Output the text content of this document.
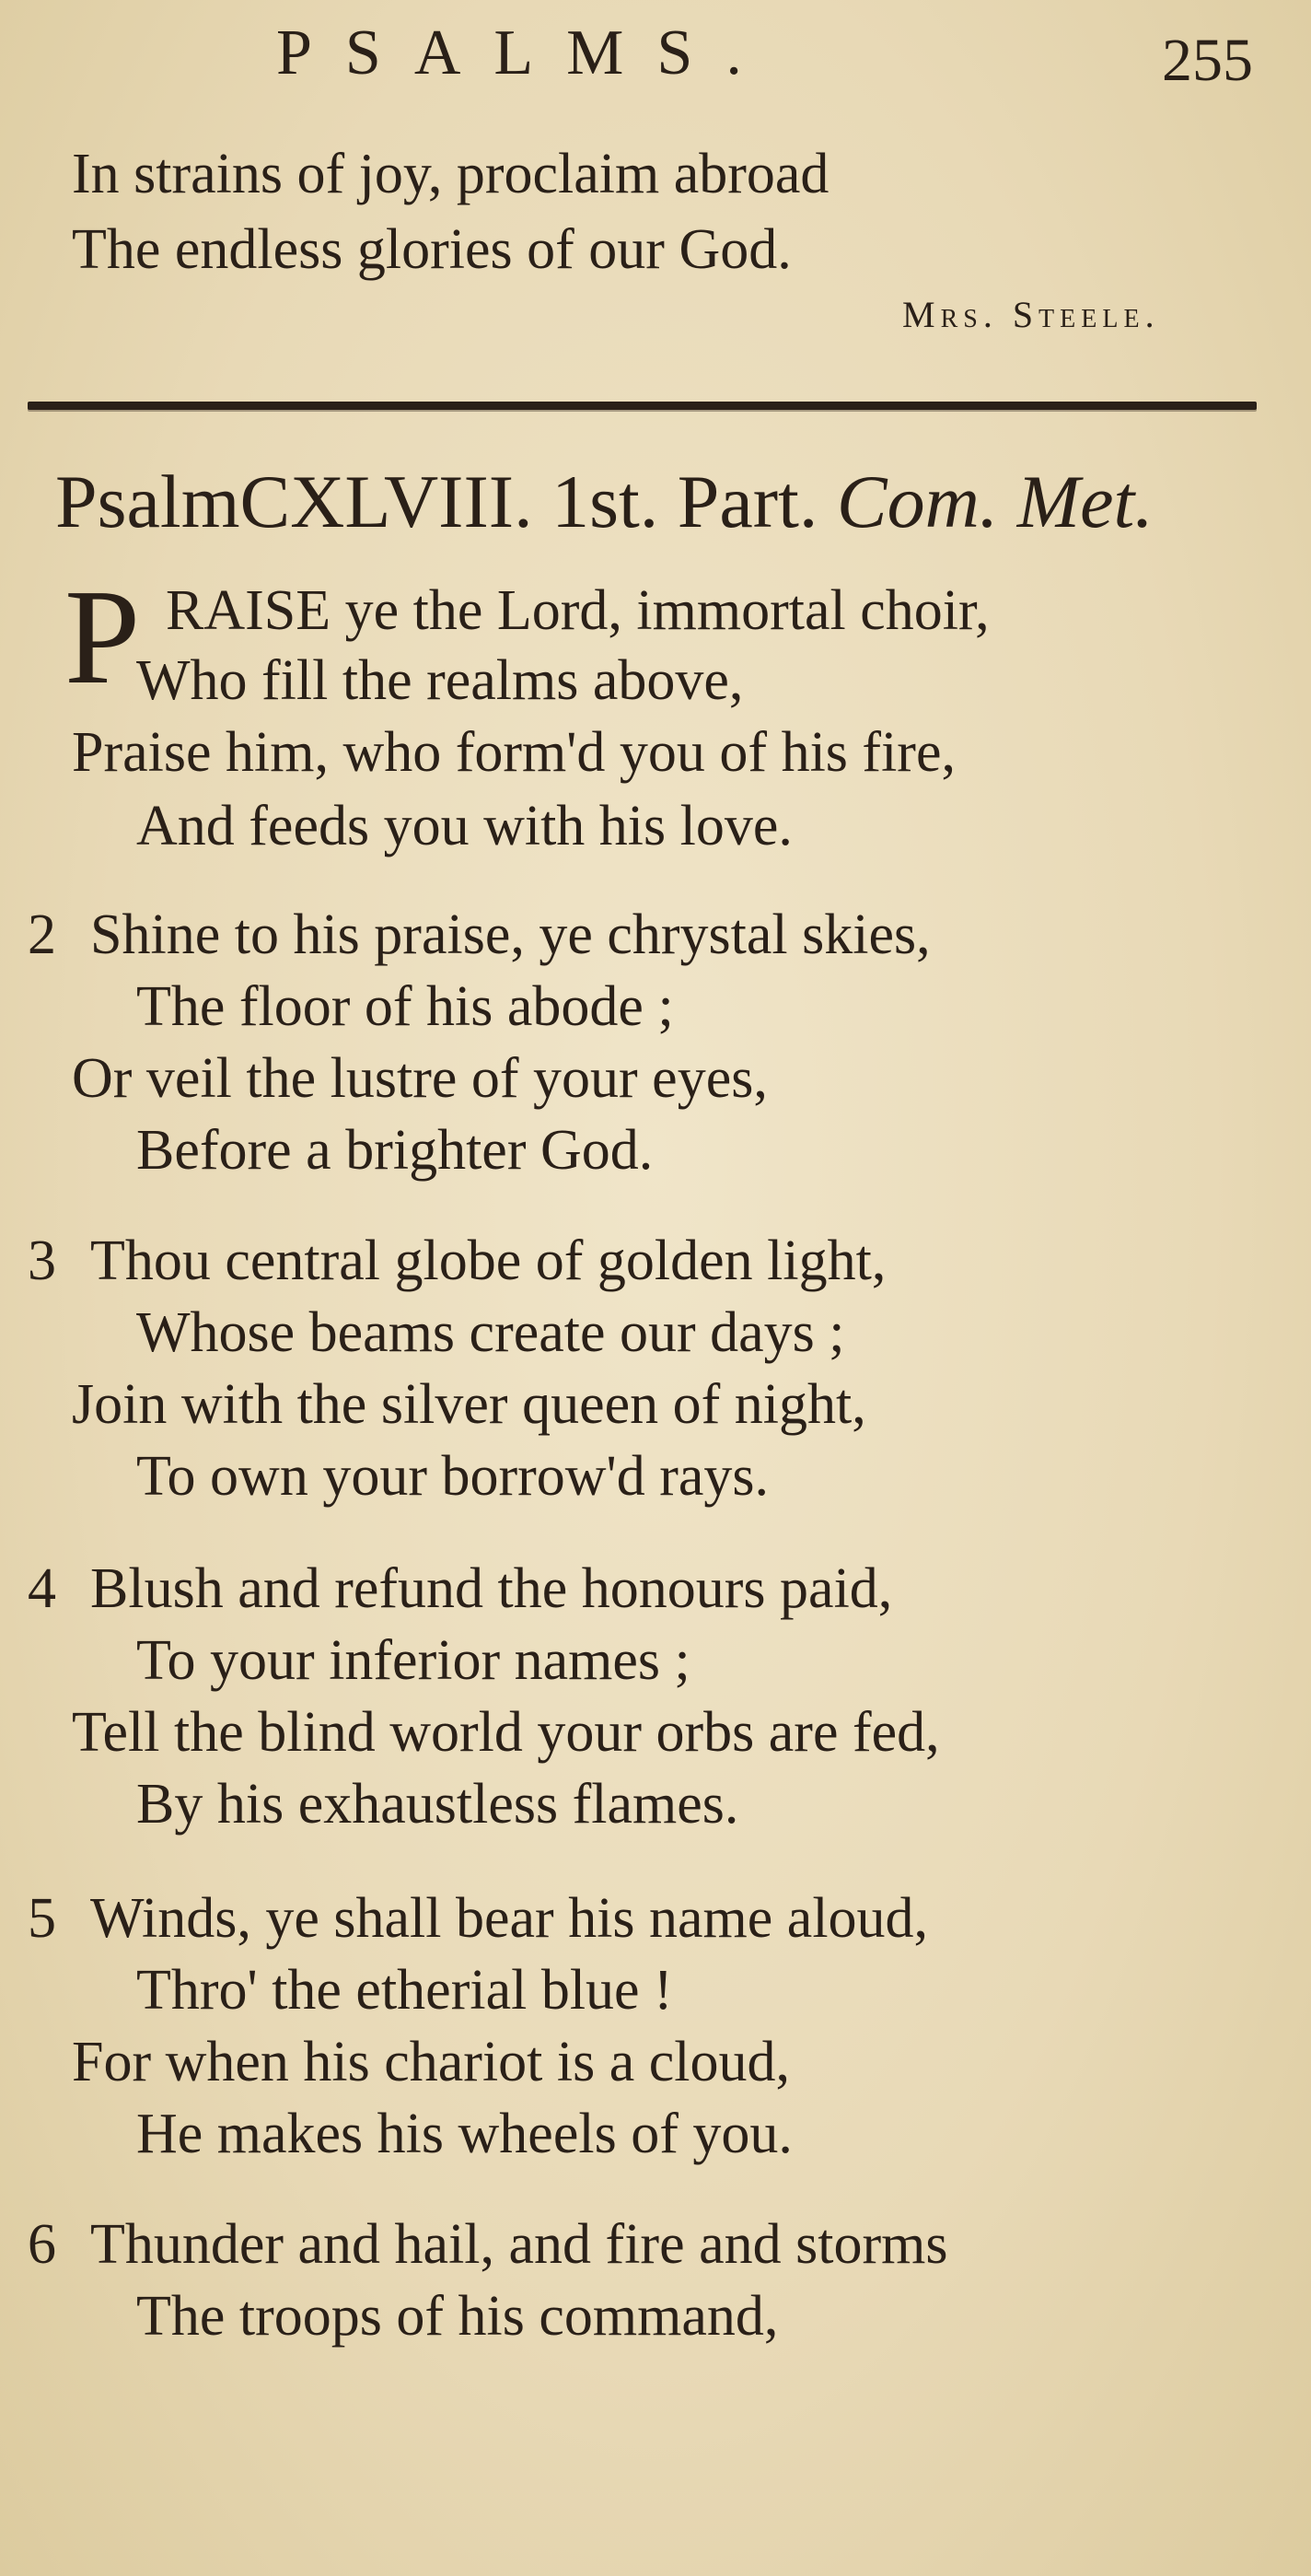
PSALMS.	255
In strains of joy, proclaim abroad
The endless glories of our God.
Mrs. Steele.
PsalmCXLVIII. 1st. Part. Com. Met.
P RAISE ye the Lord, immortal choir,
Who fill the realms above,
Praise him, who form'd you of his fire,
And feeds you with his love.
2 Shine to his praise, ye chrystal skies,
The floor of his abode ;
Or veil the lustre of your eyes,
Before a brighter God.
3 Thou central globe of golden light,
Whose beams create our days ;
Join with the silver queen of night,
To own your borrow'd rays.
4 Blush and refund the honours paid,
To your inferior names ;
Tell the blind world your orbs are fed,
By his exhaustless flames.
5 Winds, ye shall bear his name aloud,
Thro' the etherial blue !
For when his chariot is a cloud,
He makes his wheels of you.
6 Thunder and hail, and fire and storms
The troops of his command,
